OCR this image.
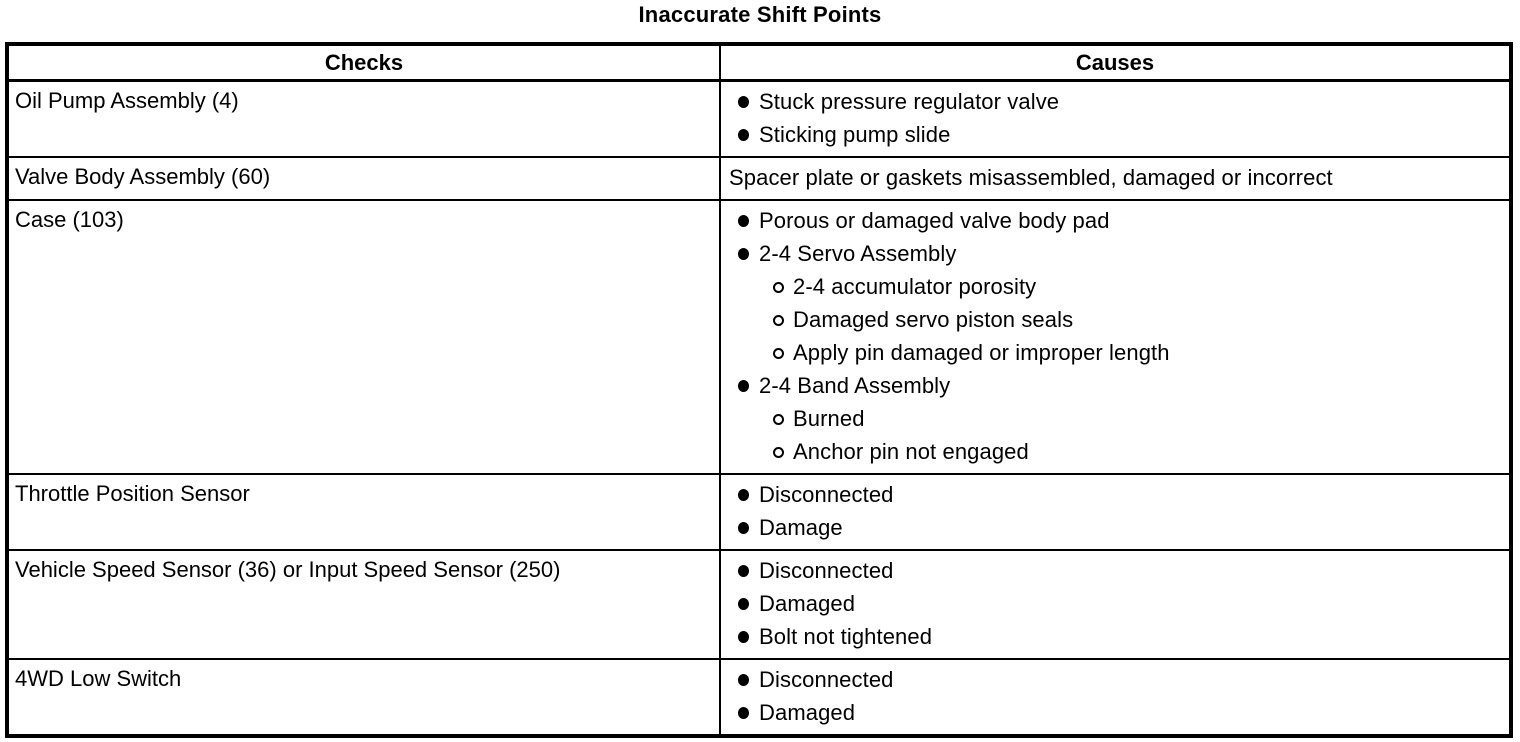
Inaccurate Shift Points
Checks	Causes
Oil Pump Assembly (4)	Stuck pressure regulator valve
Sticking pump slide
Valve Body Assembly (60)	Spacer plate or gaskets misassembled, damaged or incorrect
Case (103)	Porous or damaged valve body pad
2-4 Servo Assembly
2-4 accumulator porosity
Damaged servo piston seals
Apply pin damaged or improper length
2-4 Band Assembly
Burned
Anchor pin not engaged
Throttle Position Sensor	Disconnected
Damage
Vehicle Speed Sensor (36) or Input Speed Sensor (250)	Disconnected
Damaged
Bolt not tightened
4WD Low Switch	Disconnected
Damaged
